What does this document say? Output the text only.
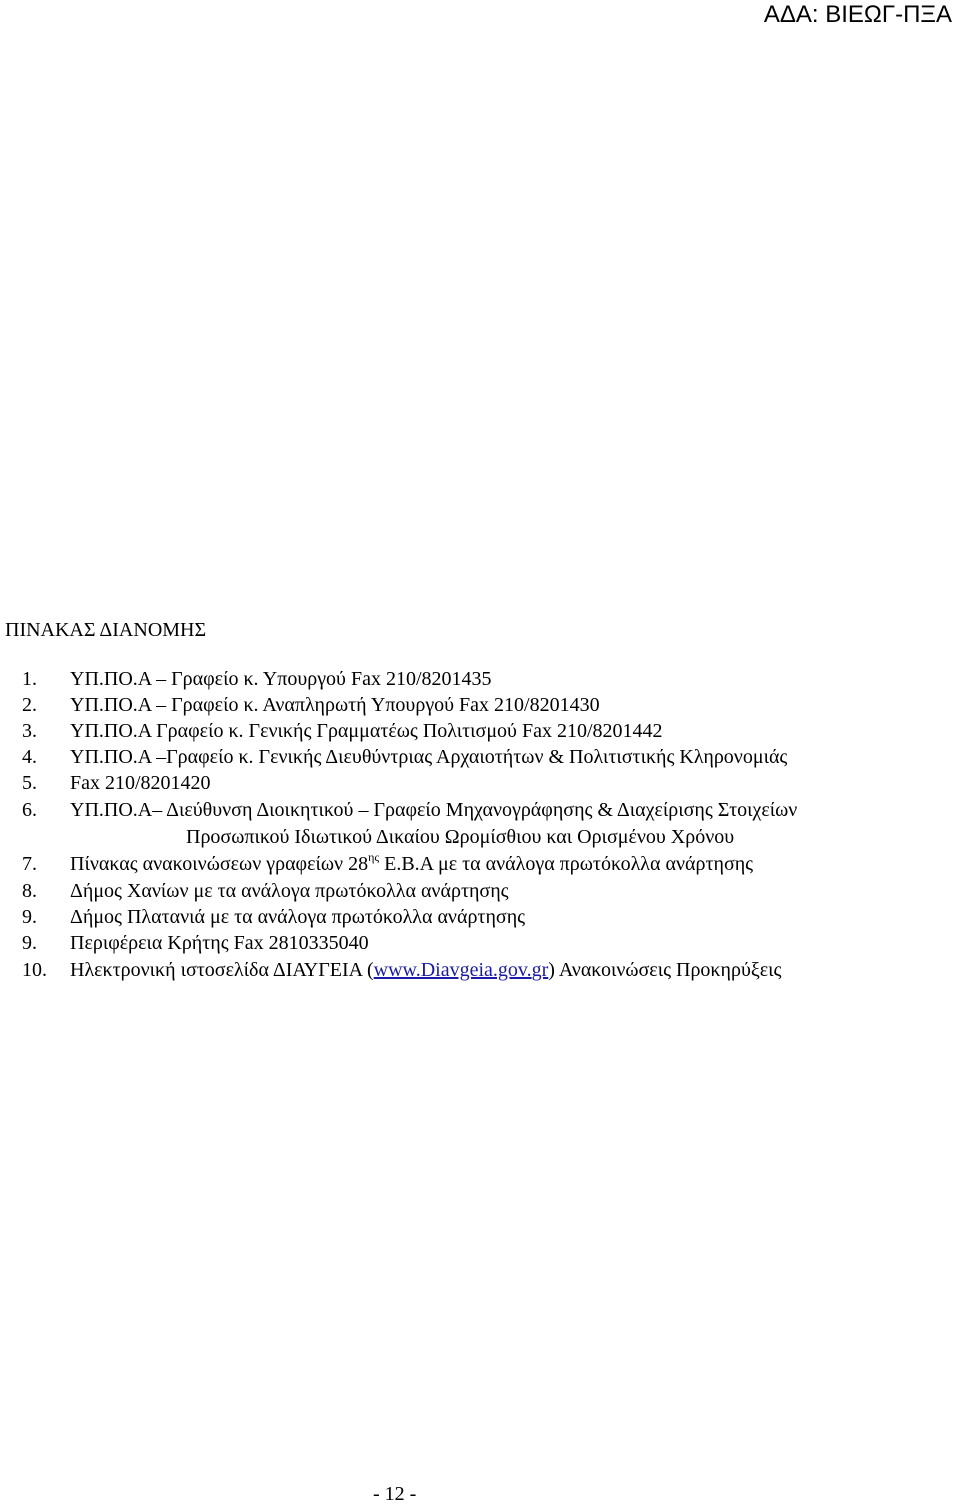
ΑΔΑ: ΒΙΕΩΓ-ΠΞΑ
ΠΙΝΑΚΑΣ ΔΙΑΝΟΜΗΣ
1. ΥΠ.ΠΟ.Α – Γραφείο κ. Υπουργού Fax 210/8201435
2. ΥΠ.ΠΟ.Α – Γραφείο κ. Αναπληρωτή Υπουργού Fax 210/8201430
3. ΥΠ.ΠΟ.Α Γραφείο κ. Γενικής Γραμματέως Πολιτισμού Fax 210/8201442
4. ΥΠ.ΠΟ.Α –Γραφείο κ. Γενικής Διευθύντριας Αρχαιοτήτων & Πολιτιστικής Κληρονομιάς
5. Fax 210/8201420
6. ΥΠ.ΠΟ.Α– Διεύθυνση Διοικητικού – Γραφείο Μηχανογράφησης & Διαχείρισης Στοιχείων
Προσωπικού Ιδιωτικού Δικαίου Ωρομίσθιου και Ορισμένου Χρόνου
7. Πίνακας ανακοινώσεων γραφείων $28^{\eta\varsigma}$ Ε.Β.Α με τα ανάλογα πρωτόκολλα ανάρτησης
8. Δήμος Χανίων με τα ανάλογα πρωτόκολλα ανάρτησης
9. Δήμος Πλατανιά με τα ανάλογα πρωτόκολλα ανάρτησης
9. Περιφέρεια Κρήτης Fax 2810335040
10. Ηλεκτρονική ιστοσελίδα ΔΙΑΥΓΕΙΑ (www.Diavgeia.gov.gr) Ανακοινώσεις Προκηρύξεις
- 12 -
